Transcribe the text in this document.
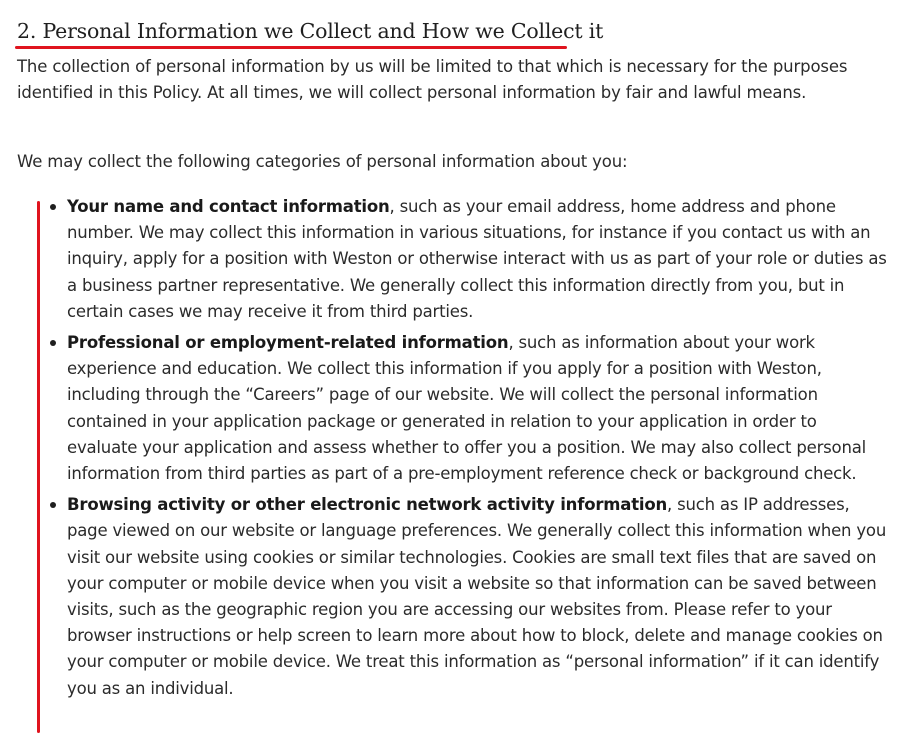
2. Personal Information we Collect and How we Collect it

The collection of personal information by us will be limited to that which is necessary for the purposes identified in this Policy. At all times, we will collect personal information by fair and lawful means.

We may collect the following categories of personal information about you:

Your name and contact information, such as your email address, home address and phone number. We may collect this information in various situations, for instance if you contact us with an inquiry, apply for a position with Weston or otherwise interact with us as part of your role or duties as a business partner representative. We generally collect this information directly from you, but in certain cases we may receive it from third parties.
Professional or employment-related information, such as information about your work experience and education. We collect this information if you apply for a position with Weston, including through the “Careers” page of our website. We will collect the personal information contained in your application package or generated in relation to your application in order to evaluate your application and assess whether to offer you a position. We may also collect personal information from third parties as part of a pre-employment reference check or background check.
Browsing activity or other electronic network activity information, such as IP addresses, page viewed on our website or language preferences. We generally collect this information when you visit our website using cookies or similar technologies. Cookies are small text files that are saved on your computer or mobile device when you visit a website so that information can be saved between visits, such as the geographic region you are accessing our websites from. Please refer to your browser instructions or help screen to learn more about how to block, delete and manage cookies on your computer or mobile device. We treat this information as “personal information” if it can identify you as an individual.
